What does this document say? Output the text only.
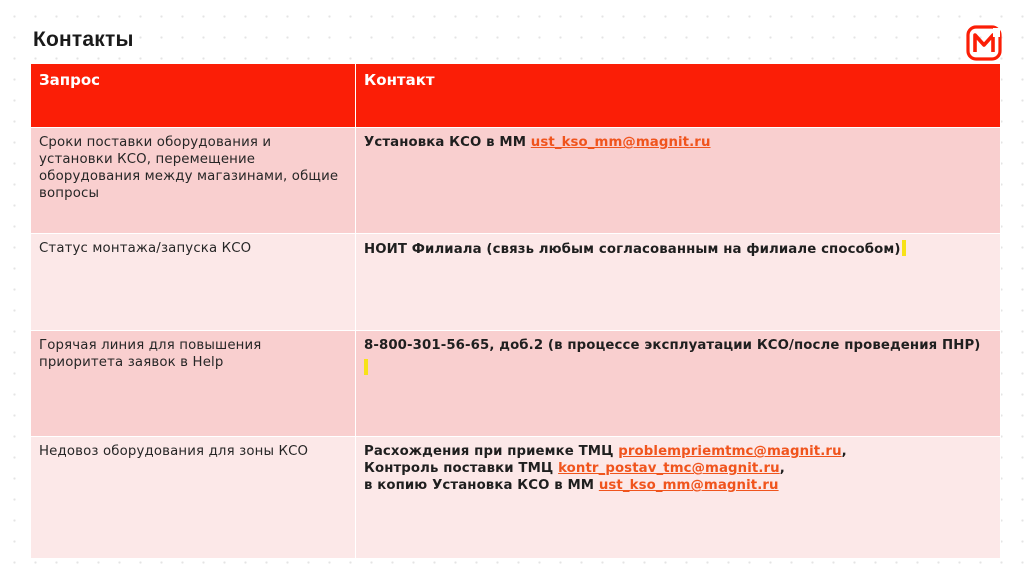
Контакты
Запрос	Контакт

Сроки поставки оборудования и установки КСО, перемещение оборудования между магазинами, общие вопросы	Установка КСО в ММ ust_kso_mm@magnit.ru

Статус монтажа/запуска КСО	НОИТ Филиала (связь любым согласованным на филиале способом)

Горячая линия для повышения приоритета заявок в Help	8-800-301-56-65, доб.2 (в процессе эксплуатации КСО/после проведения ПНР)

Недовоз оборудования для зоны КСО	Расхождения при приемке ТМЦ problempriemtmc@magnit.ru,
Контроль поставки ТМЦ kontr_postav_tmc@magnit.ru,
в копию Установка КСО в ММ ust_kso_mm@magnit.ru
